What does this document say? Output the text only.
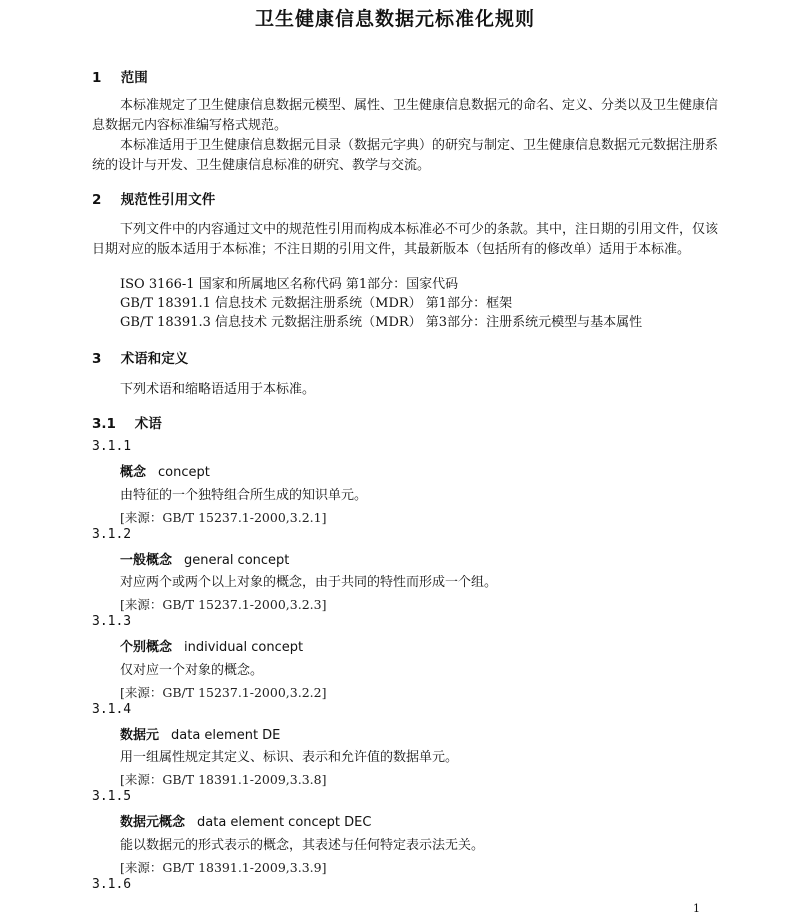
卫生健康信息数据元标准化规则
1 范围
本标准规定了卫生健康信息数据元模型、属性、卫生健康信息数据元的命名、定义、分类以及卫生健康信息数据元内容标准编写格式规范。
本标准适用于卫生健康信息数据元目录（数据元字典）的研究与制定、卫生健康信息数据元元数据注册系统的设计与开发、卫生健康信息标准的研究、教学与交流。
2 规范性引用文件
下列文件中的内容通过文中的规范性引用而构成本标准必不可少的条款。其中，注日期的引用文件，仅该日期对应的版本适用于本标准；不注日期的引用文件，其最新版本（包括所有的修改单）适用于本标准。
ISO 3166-1 国家和所属地区名称代码 第1部分：国家代码
GB/T 18391.1 信息技术 元数据注册系统（MDR） 第1部分：框架
GB/T 18391.3 信息技术 元数据注册系统（MDR） 第3部分：注册系统元模型与基本属性
3 术语和定义
下列术语和缩略语适用于本标准。
3.1 术语
3.1.1
概念 concept
由特征的一个独特组合所生成的知识单元。
[来源：GB/T 15237.1-2000,3.2.1]
3.1.2
一般概念 general concept
对应两个或两个以上对象的概念，由于共同的特性而形成一个组。
[来源：GB/T 15237.1-2000,3.2.3]
3.1.3
个别概念 individual concept
仅对应一个对象的概念。
[来源：GB/T 15237.1-2000,3.2.2]
3.1.4
数据元 data element DE
用一组属性规定其定义、标识、表示和允许值的数据单元。
[来源：GB/T 18391.1-2009,3.3.8]
3.1.5
数据元概念 data element concept DEC
能以数据元的形式表示的概念，其表述与任何特定表示法无关。
[来源：GB/T 18391.1-2009,3.3.9]
3.1.6
1
